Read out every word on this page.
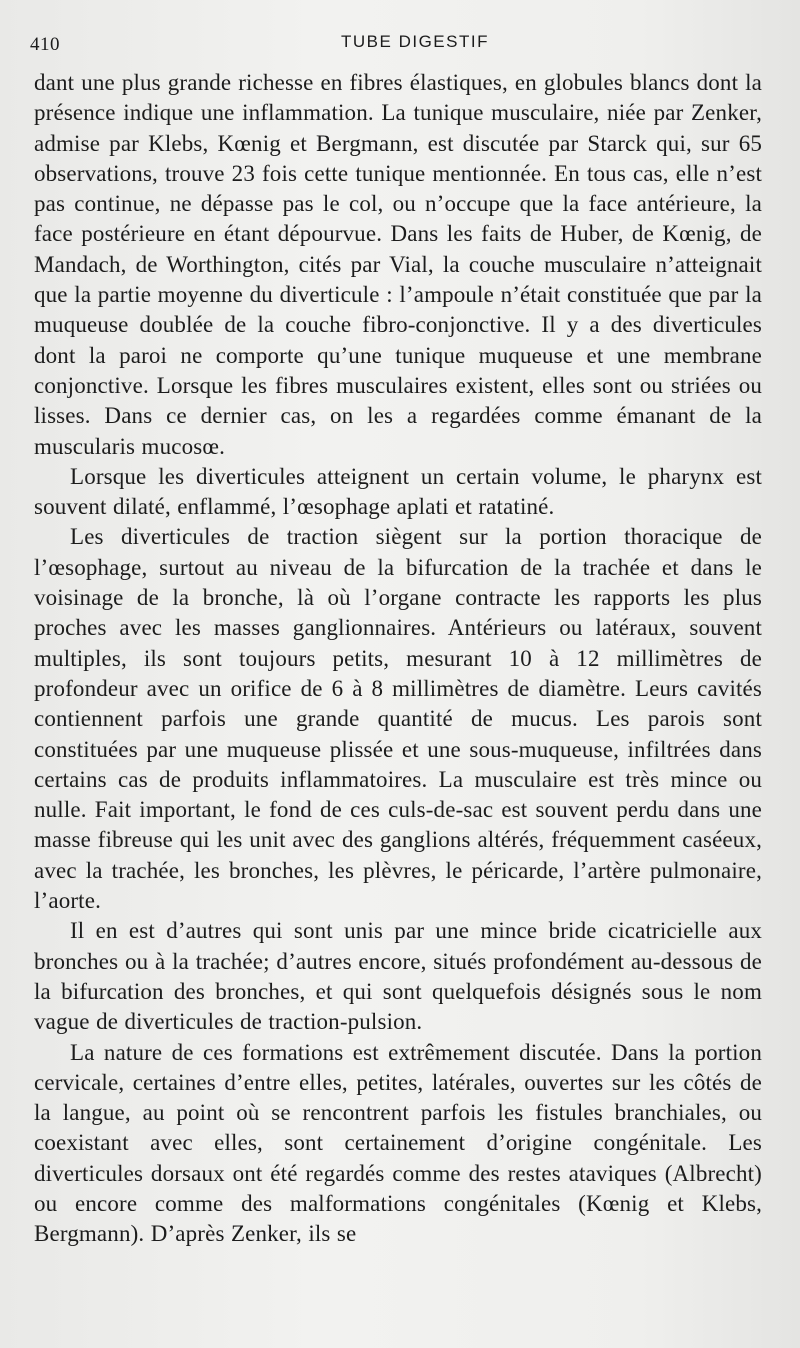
410	TUBE DIGESTIF

dant une plus grande richesse en fibres élastiques, en globules blancs dont la présence indique une inflammation. La tunique musculaire, niée par Zenker, admise par Klebs, Kœnig et Bergmann, est discutée par Starck qui, sur 65 observations, trouve 23 fois cette tunique mentionnée. En tous cas, elle n’est pas continue, ne dépasse pas le col, ou n’occupe que la face antérieure, la face postérieure en étant dépourvue. Dans les faits de Huber, de Kœnig, de Mandach, de Worthington, cités par Vial, la couche musculaire n’atteignait que la partie moyenne du diverticule : l’ampoule n’était constituée que par la muqueuse doublée de la couche fibro-conjonctive. Il y a des diverticules dont la paroi ne comporte qu’une tunique muqueuse et une membrane conjonctive. Lorsque les fibres musculaires existent, elles sont ou striées ou lisses. Dans ce dernier cas, on les a regardées comme émanant de la muscularis mucosœ.

Lorsque les diverticules atteignent un certain volume, le pharynx est souvent dilaté, enflammé, l’œsophage aplati et ratatiné.

Les diverticules de traction siègent sur la portion thoracique de l’œsophage, surtout au niveau de la bifurcation de la trachée et dans le voisinage de la bronche, là où l’organe contracte les rapports les plus proches avec les masses ganglionnaires. Antérieurs ou latéraux, souvent multiples, ils sont toujours petits, mesurant 10 à 12 millimètres de profondeur avec un orifice de 6 à 8 millimètres de diamètre. Leurs cavités contiennent parfois une grande quantité de mucus. Les parois sont constituées par une muqueuse plissée et une sous-muqueuse, infiltrées dans certains cas de produits inflammatoires. La musculaire est très mince ou nulle. Fait important, le fond de ces culs-de-sac est souvent perdu dans une masse fibreuse qui les unit avec des ganglions altérés, fréquemment caséeux, avec la trachée, les bronches, les plèvres, le péricarde, l’artère pulmonaire, l’aorte.

Il en est d’autres qui sont unis par une mince bride cicatricielle aux bronches ou à la trachée; d’autres encore, situés profondément au-dessous de la bifurcation des bronches, et qui sont quelquefois désignés sous le nom vague de diverticules de traction-pulsion.

La nature de ces formations est extrêmement discutée. Dans la portion cervicale, certaines d’entre elles, petites, latérales, ouvertes sur les côtés de la langue, au point où se rencontrent parfois les fistules branchiales, ou coexistant avec elles, sont certainement d’origine congénitale. Les diverticules dorsaux ont été regardés comme des restes ataviques (Albrecht) ou encore comme des malformations congénitales (Kœnig et Klebs, Bergmann). D’après Zenker, ils se
